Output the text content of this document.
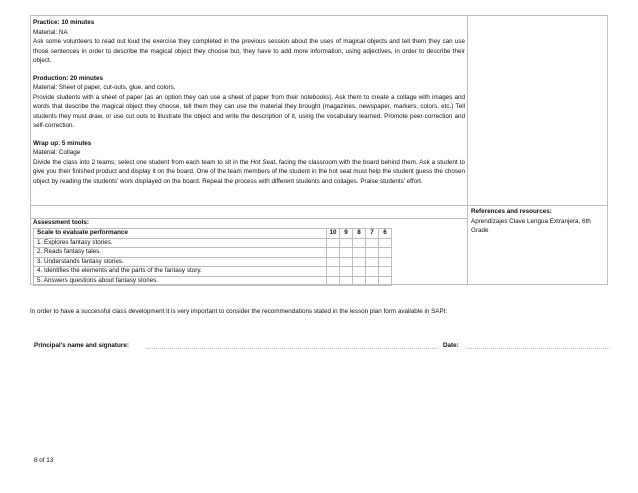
Practice: 10 minutes
Material: NA

Ask some volunteers to read out loud the exercise they completed in the previous session about the uses of magical objects and tell them they can use those sentences in order to describe the magical object they choose but, they have to add more information, using adjectives, in order to describe their object.

Production: 20 minutes
Material: Sheet of paper, cut-outs, glue, and colors.

Provide students with a sheet of paper (as an option they can use a sheet of paper from their notebooks). Ask them to create a collage with images and words that describe the magical object they choose, tell them they can use the material they brought (magazines, newspaper, markers, colors, etc.) Tell students they must draw, or use cut outs to illustrate the object and write the description of it, using the vocabulary learned. Promote peer-correction and self-correction.

Wrap up: 5 minutes
Material: Collage

Divide the class into 2 teams; select one student from each team to sit in the Hot Seat, facing the classroom with the board behind them. Ask a student to give you their finished product and display it on the board. One of the team members of the student in the hot seat must help the student guess the chosen object by reading the students' work displayed on the board. Repeat the process with different students and collages. Praise students' effort.

References and resources:
Aprendizajes Clave Lengua Extranjera, 6th Grade
Assessment tools:
Scale to evaluate performance	10	9	8	7	6
1. Explores fantasy stories.					
2. Reads fantasy tales.					
3. Understands fantasy stories.					
4. Identifies the elements and the parts of the fantasy story.					
5. Answers questions about fantasy stories.					
In order to have a successful class development it is very important to consider the recommendations stated in the lesson plan form available in SAPI:
Principal's name and signature:	Date:
8 of 13
